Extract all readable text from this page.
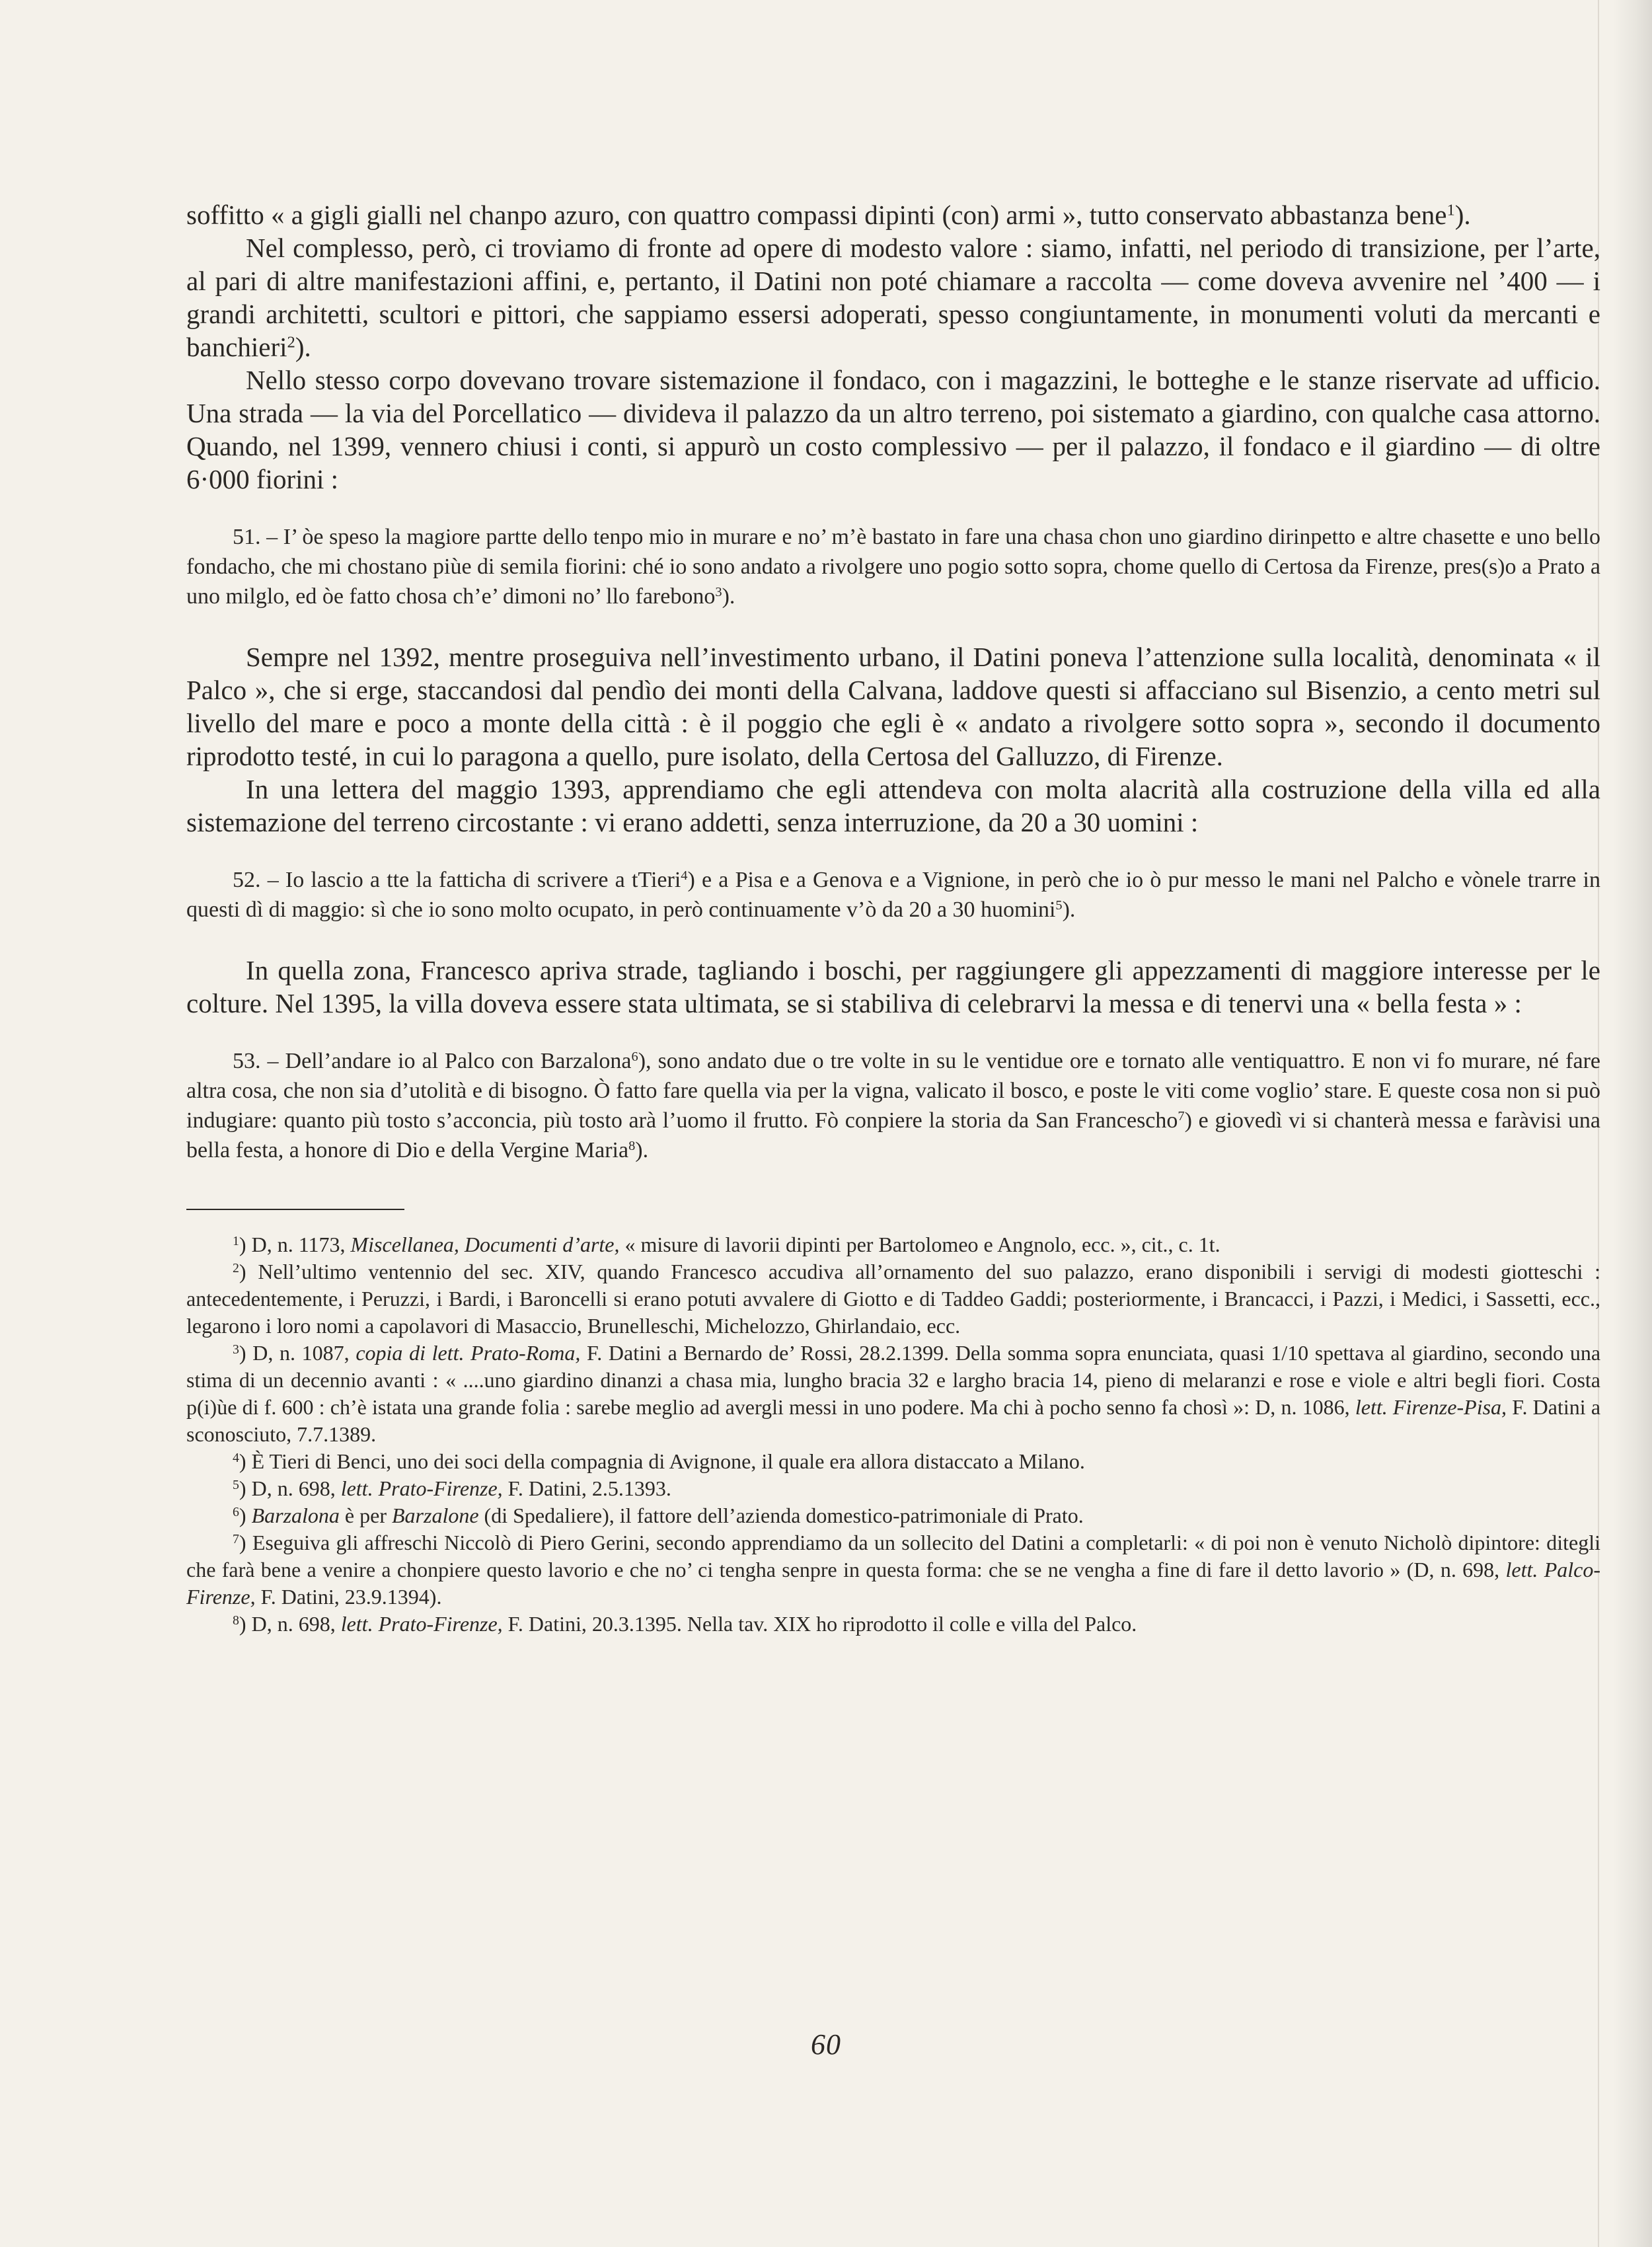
soffitto « a gigli gialli nel chanpo azuro, con quattro compassi dipinti (con) armi », tutto conservato abbastanza bene$^1$).

Nel complesso, però, ci troviamo di fronte ad opere di modesto valore : siamo, infatti, nel periodo di transizione, per l’arte, al pari di altre manifestazioni affini, e, pertanto, il Datini non poté chiamare a raccolta — come doveva avvenire nel ’400 — i grandi architetti, scultori e pittori, che sappiamo essersi adoperati, spesso congiuntamente, in monumenti voluti da mercanti e banchieri$^2$).

Nello stesso corpo dovevano trovare sistemazione il fondaco, con i magazzini, le botteghe e le stanze riservate ad ufficio. Una strada — la via del Porcellatico — divideva il palazzo da un altro terreno, poi sistemato a giardino, con qualche casa attorno. Quando, nel 1399, vennero chiusi i conti, si appurò un costo complessivo — per il palazzo, il fondaco e il giardino — di oltre 6·000 fiorini :

51. – I’ òe speso la magiore partte dello tenpo mio in murare e no’ m’è bastato in fare una chasa chon uno giardino dirinpetto e altre chasette e uno bello fondacho, che mi chostano piùe di semila fiorini: ché io sono andato a rivolgere uno pogio sotto sopra, chome quello di Certosa da Firenze, pres(s)o a Prato a uno milglo, ed òe fatto chosa ch’e’ dimoni no’ llo farebono$^3$).

Sempre nel 1392, mentre proseguiva nell’investimento urbano, il Datini poneva l’attenzione sulla località, denominata « il Palco », che si erge, staccandosi dal pendìo dei monti della Calvana, laddove questi si affacciano sul Bisenzio, a cento metri sul livello del mare e poco a monte della città : è il poggio che egli è « andato a rivolgere sotto sopra », secondo il documento riprodotto testé, in cui lo paragona a quello, pure isolato, della Certosa del Galluzzo, di Firenze.

In una lettera del maggio 1393, apprendiamo che egli attendeva con molta alacrità alla costruzione della villa ed alla sistemazione del terreno circostante : vi erano addetti, senza interruzione, da 20 a 30 uomini :

52. – Io lascio a tte la fatticha di scrivere a tTieri$^4$) e a Pisa e a Genova e a Vignione, in però che io ò pur messo le mani nel Palcho e vònele trarre in questi dì di maggio: sì che io sono molto ocupato, in però continuamente v’ò da 20 a 30 huomini$^5$).

In quella zona, Francesco apriva strade, tagliando i boschi, per raggiungere gli appezzamenti di maggiore interesse per le colture. Nel 1395, la villa doveva essere stata ultimata, se si stabiliva di celebrarvi la messa e di tenervi una « bella festa » :

53. – Dell’andare io al Palco con Barzalona$^6$), sono andato due o tre volte in su le ventidue ore e tornato alle ventiquattro. E non vi fo murare, né fare altra cosa, che non sia d’utolità e di bisogno. Ò fatto fare quella via per la vigna, valicato il bosco, e poste le viti come voglio’ stare. E queste cosa non si può indugiare: quanto più tosto s’acconcia, più tosto arà l’uomo il frutto. Fò conpiere la storia da San Francescho$^7$) e giovedì vi si chanterà messa e faràvisi una bella festa, a honore di Dio e della Vergine Maria$^8$).

$^1$) D, n. 1173, Miscellanea, Documenti d’arte, « misure di lavorii dipinti per Bartolomeo e Angnolo, ecc. », cit., c. 1t.

$^2$) Nell’ultimo ventennio del sec. XIV, quando Francesco accudiva all’ornamento del suo palazzo, erano disponibili i servigi di modesti giotteschi : antecedentemente, i Peruzzi, i Bardi, i Baroncelli si erano potuti avvalere di Giotto e di Taddeo Gaddi; posteriormente, i Brancacci, i Pazzi, i Medici, i Sassetti, ecc., legarono i loro nomi a capolavori di Masaccio, Brunelleschi, Michelozzo, Ghirlandaio, ecc.

$^3$) D, n. 1087, copia di lett. Prato-Roma, F. Datini a Bernardo de’ Rossi, 28.2.1399. Della somma sopra enunciata, quasi 1/10 spettava al giardino, secondo una stima di un decennio avanti : « ....uno giardino dinanzi a chasa mia, lungho bracia 32 e largho bracia 14, pieno di melaranzi e rose e viole e altri begli fiori. Costa p(i)ùe di f. 600 : ch’è istata una grande folia : sarebe meglio ad avergli messi in uno podere. Ma chi à pocho senno fa chosì »: D, n. 1086, lett. Firenze-Pisa, F. Datini a sconosciuto, 7.7.1389.

$^4$) È Tieri di Benci, uno dei soci della compagnia di Avignone, il quale era allora distaccato a Milano.

$^5$) D, n. 698, lett. Prato-Firenze, F. Datini, 2.5.1393.

$^6$) Barzalona è per Barzalone (di Spedaliere), il fattore dell’azienda domestico-patrimoniale di Prato.

$^7$) Eseguiva gli affreschi Niccolò di Piero Gerini, secondo apprendiamo da un sollecito del Datini a completarli: « di poi non è venuto Nicholò dipintore: ditegli che farà bene a venire a chonpiere questo lavorio e che no’ ci tengha senpre in questa forma: che se ne vengha a fine di fare il detto lavorio » (D, n. 698, lett. Palco-Firenze, F. Datini, 23.9.1394).

$^8$) D, n. 698, lett. Prato-Firenze, F. Datini, 20.3.1395. Nella tav. XIX ho riprodotto il colle e villa del Palco.

60
